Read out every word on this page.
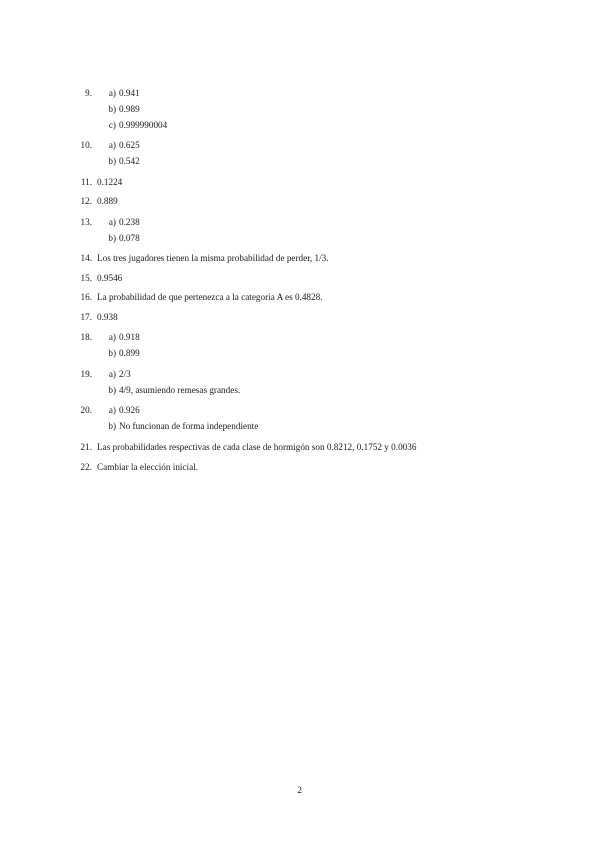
9.	a) 0.941
b) 0.989
c) 0.999990004
10.	a) 0.625
b) 0.542
11. 0.1224
12. 0.889
13.	a) 0.238
b) 0.078
14. Los tres jugadores tienen la misma probabilidad de perder, 1/3.
15. 0.9546
16. La probabilidad de que pertenezca a la categoría A es 0.4828.
17. 0.938
18.	a) 0.918
b) 0.899
19.	a) 2/3
b) 4/9, asumiendo remesas grandes.
20.	a) 0.926
b) No funcionan de forma independiente
21. Las probabilidades respectivas de cada clase de hormigón son 0.8212, 0.1752 y 0.0036
22. Cambiar la elección inicial.
2
